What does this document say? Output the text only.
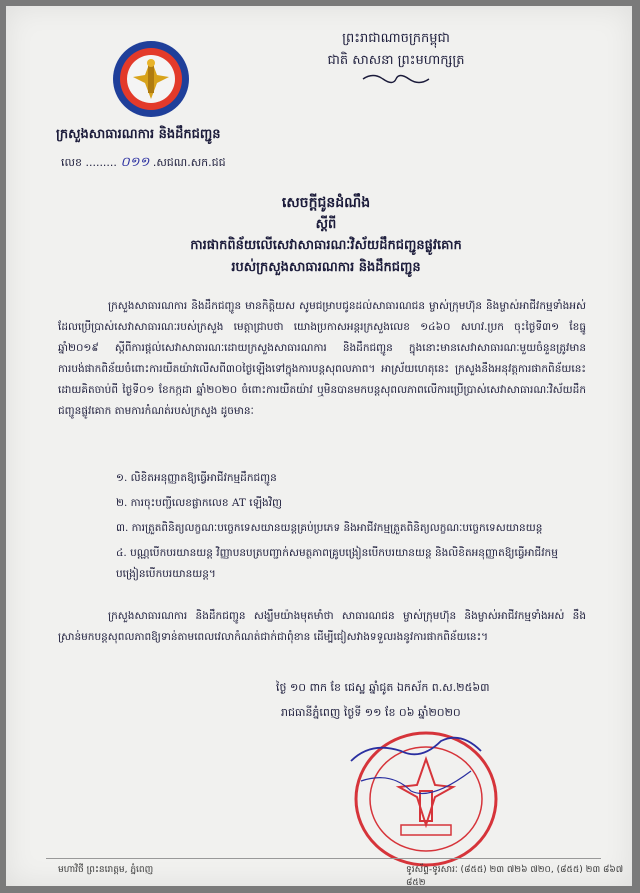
ព្រះរាជាណាចក្រកម្ពុជា
ជាតិ សាសនា ព្រះមហាក្សត្រ
ក្រសួងសាធារណការ និងដឹកជញ្ជូន
លេខ ......... ០១១ .សជណ.សក.ជជ
សេចក្ដីជូនដំណឹង
ស្ដីពី
ការផាកពិន័យលើសេវាសាធារណៈវិស័យដឹកជញ្ជូនផ្លូវគោក
របស់ក្រសួងសាធារណការ និងដឹកជញ្ជូន

ក្រសួងសាធារណការ និងដឹកជញ្ជូន មានកិត្តិយស សូមជម្រាបជូនដល់សាធារណជន ម្ចាស់ក្រុមហ៊ុន និងម្ចាស់អាជីវកម្មទាំងអស់ដែលប្រើប្រាស់សេវាសាធារណៈរបស់ក្រសួង មេត្តាជ្រាបថា យោងប្រកាសអន្តរក្រសួងលេខ ១៤៦០ សហវ.ប្រក ចុះថ្ងៃទី៣១ ខែធ្នូ ឆ្នាំ២០១៩ ស្ដីពីការផ្ដល់សេវាសាធារណៈដោយក្រសួងសាធារណការ និងដឹកជញ្ជូន ក្នុងនោះមានសេវាសាធារណៈមួយចំនួនត្រូវមានការបង់ផាកពិន័យចំពោះការយឺតយ៉ាវលើសពី៣០ថ្ងៃឡើងទៅក្នុងការបន្តសុពលភាព។ អាស្រ័យហេតុនេះ ក្រសួងនឹងអនុវត្តការផាកពិន័យនេះ ដោយគិតចាប់ពី ថ្ងៃទី០១ ខែកក្កដា ឆ្នាំ២០២០ ចំពោះការយឺតយ៉ាវ ឬមិនបានមកបន្តសុពលភាពលើការប្រើប្រាស់សេវាសាធារណៈវិស័យដឹកជញ្ជូនផ្លូវគោក តាមការកំណត់របស់ក្រសួង ដូចមានៈ

១. លិខិតអនុញ្ញាតឱ្យធ្វើអាជីវកម្មដឹកជញ្ជូន
២. ការចុះបញ្ជីលេខផ្លាកលេខ AT ឡើងវិញ
៣. ការត្រួតពិនិត្យលក្ខណៈបច្ចេកទេសយានយន្តគ្រប់ប្រភេទ និងអាជីវកម្មត្រួតពិនិត្យលក្ខណៈបច្ចេកទេសយានយន្ត
៤. បណ្ណបើកបរយានយន្ត វិញ្ញាបនបត្របញ្ជាក់សមត្ថភាពគ្រូបង្រៀនបើកបរយានយន្ត និងលិខិតអនុញ្ញាតឱ្យធ្វើអាជីវកម្មបង្រៀនបើកបរយានយន្ត។

ក្រសួងសាធារណការ និងដឹកជញ្ជូន សង្ឃឹមយ៉ាងមុតមាំថា សាធារណជន ម្ចាស់ក្រុមហ៊ុន និងម្ចាស់អាជីវកម្មទាំងអស់ នឹងស្រាន់មកបន្តសុពលភាពឱ្យទាន់តាមពេលវេលាកំណត់ជាក់ជាពុំខាន ដើម្បីជៀសវាងទទួលរងនូវការផាកពិន័យនេះ។

ថ្ងៃ ១០ ពាក ខែ ជេស្ឋ ឆ្នាំជូត ឯកស័ក ព.ស.២៥៦៣
រាជធានីភ្នំពេញ ថ្ងៃទី ១១ ខែ ០៦ ឆ្នាំ២០២០
មហាវិថី ព្រះនរោត្តម, ភ្នំពេញ	ទូរស័ព្ទ-ទូរសារៈ (៨៥៥) ២៣ ៧២៦ ៧២០, (៨៥៥) ២៣ ៨៦៧ ៨៥២
